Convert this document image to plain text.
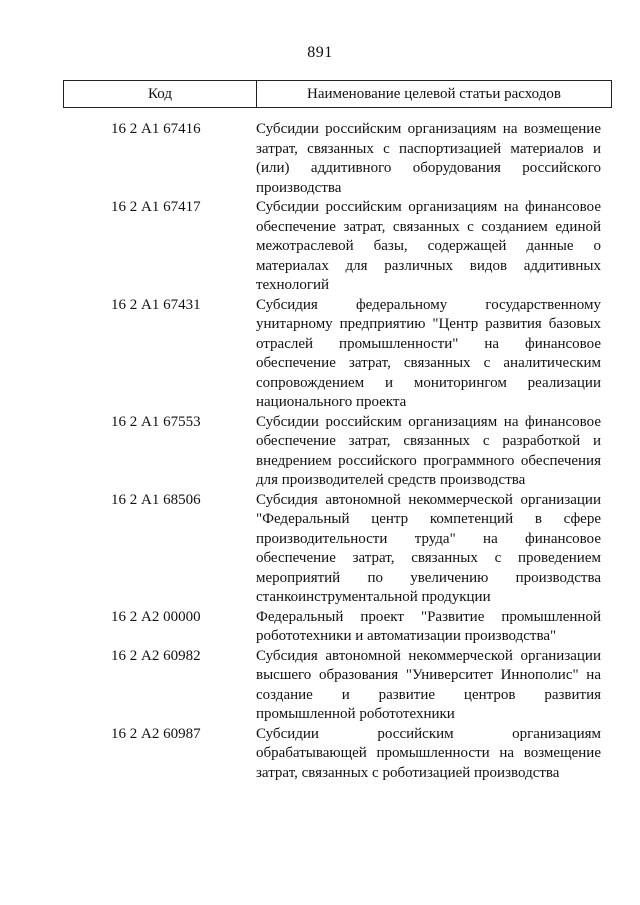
891
Код	Наименование целевой статьи расходов
16 2 А1 67416	Субсидии российским организациям на возмещение затрат, связанных с паспортизацией материалов и (или) аддитивного оборудования российского производства
16 2 А1 67417	Субсидии российским организациям на финансовое обеспечение затрат, связанных с созданием единой межотраслевой базы, содержащей данные о материалах для различных видов аддитивных технологий
16 2 А1 67431	Субсидия федеральному государственному унитарному предприятию "Центр развития базовых отраслей промышленности" на финансовое обеспечение затрат, связанных с аналитическим сопровождением и мониторингом реализации национального проекта
16 2 А1 67553	Субсидии российским организациям на финансовое обеспечение затрат, связанных с разработкой и внедрением российского программного обеспечения для производителей средств производства
16 2 А1 68506	Субсидия автономной некоммерческой организации "Федеральный центр компетенций в сфере производительности труда" на финансовое обеспечение затрат, связанных с проведением мероприятий по увеличению производства станкоинструментальной продукции
16 2 А2 00000	Федеральный проект "Развитие промышленной робототехники и автоматизации производства"
16 2 А2 60982	Субсидия автономной некоммерческой организации высшего образования "Университет Иннополис" на создание и развитие центров развития промышленной робототехники
16 2 А2 60987	Субсидии российским организациям обрабатывающей промышленности на возмещение затрат, связанных с роботизацией производства
